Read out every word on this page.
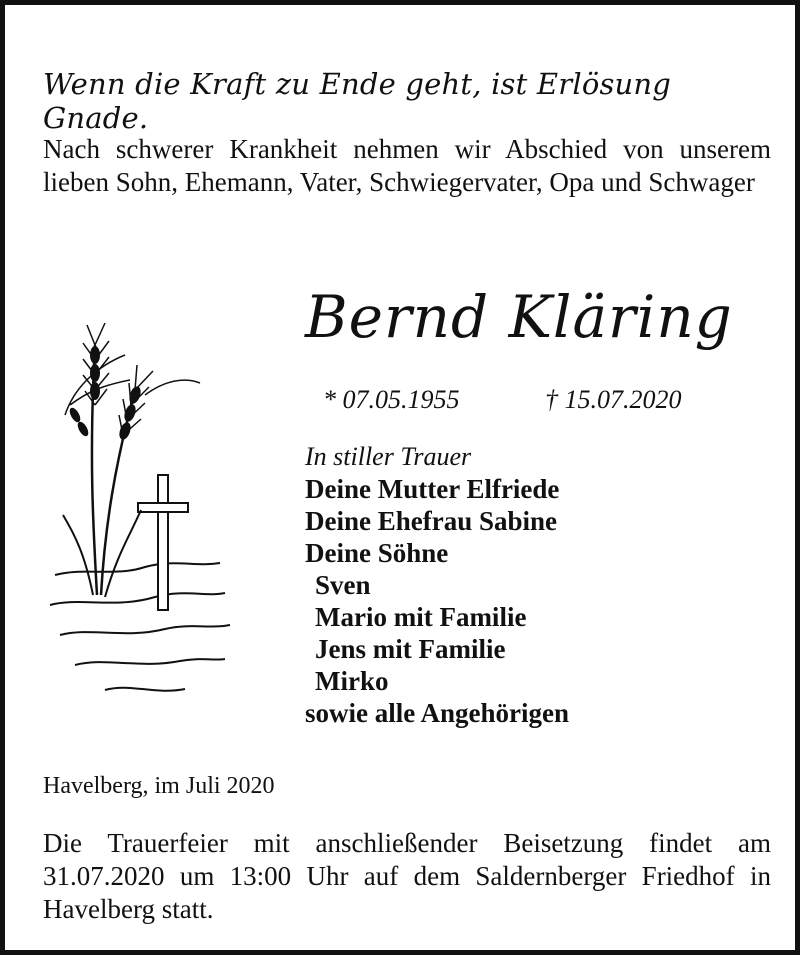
Wenn die Kraft zu Ende geht, ist Erlösung Gnade.
Nach schwerer Krankheit nehmen wir Abschied von unserem lieben Sohn, Ehemann, Vater, Schwiegervater, Opa und Schwager
Bernd Kläring
* 07.05.1955	† 15.07.2020
In stiller Trauer
Deine Mutter Elfriede
Deine Ehefrau Sabine
Deine Söhne
Sven
Mario mit Familie
Jens mit Familie
Mirko
sowie alle Angehörigen
Havelberg, im Juli 2020
Die Trauerfeier mit anschließender Beisetzung findet am 31.07.2020 um 13:00 Uhr auf dem Saldernberger Friedhof in Havelberg statt.
